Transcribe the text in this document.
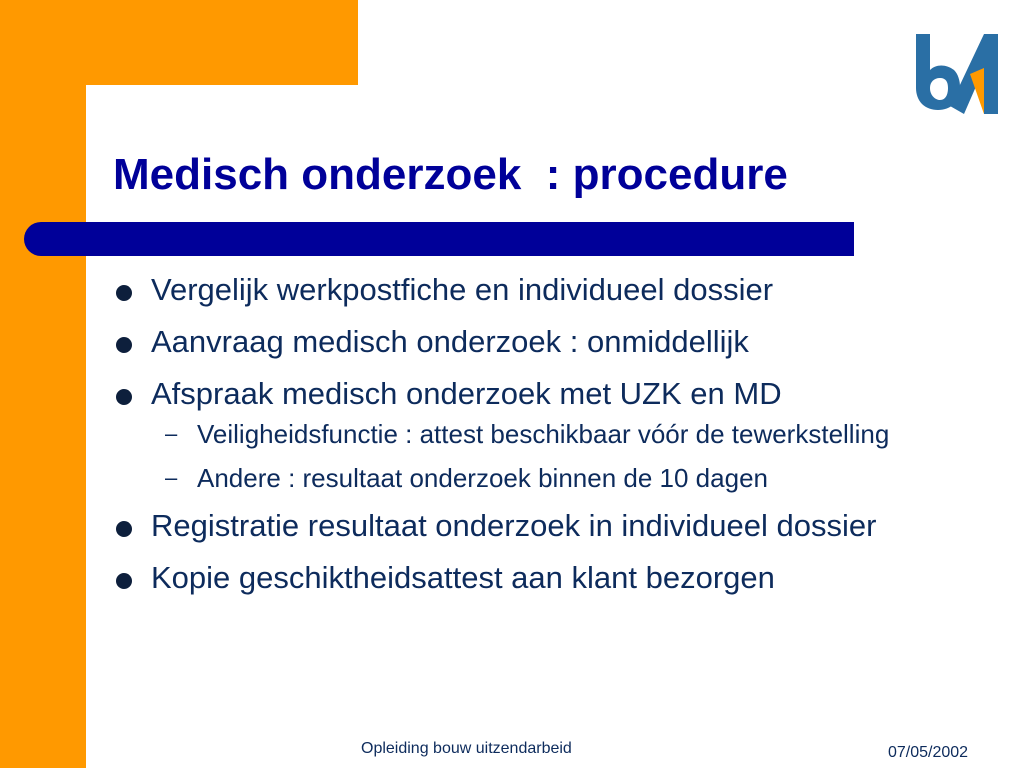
Medisch onderzoek  : procedure
Vergelijk werkpostfiche en individueel dossier
Aanvraag medisch onderzoek : onmiddellijk
Afspraak medisch onderzoek met UZK en MD
– Veiligheidsfunctie : attest beschikbaar vóór de tewerkstelling
– Andere : resultaat onderzoek binnen de 10 dagen
Registratie resultaat onderzoek in individueel dossier
Kopie geschiktheidsattest aan klant bezorgen
Opleiding bouw uitzendarbeid	07/05/2002
